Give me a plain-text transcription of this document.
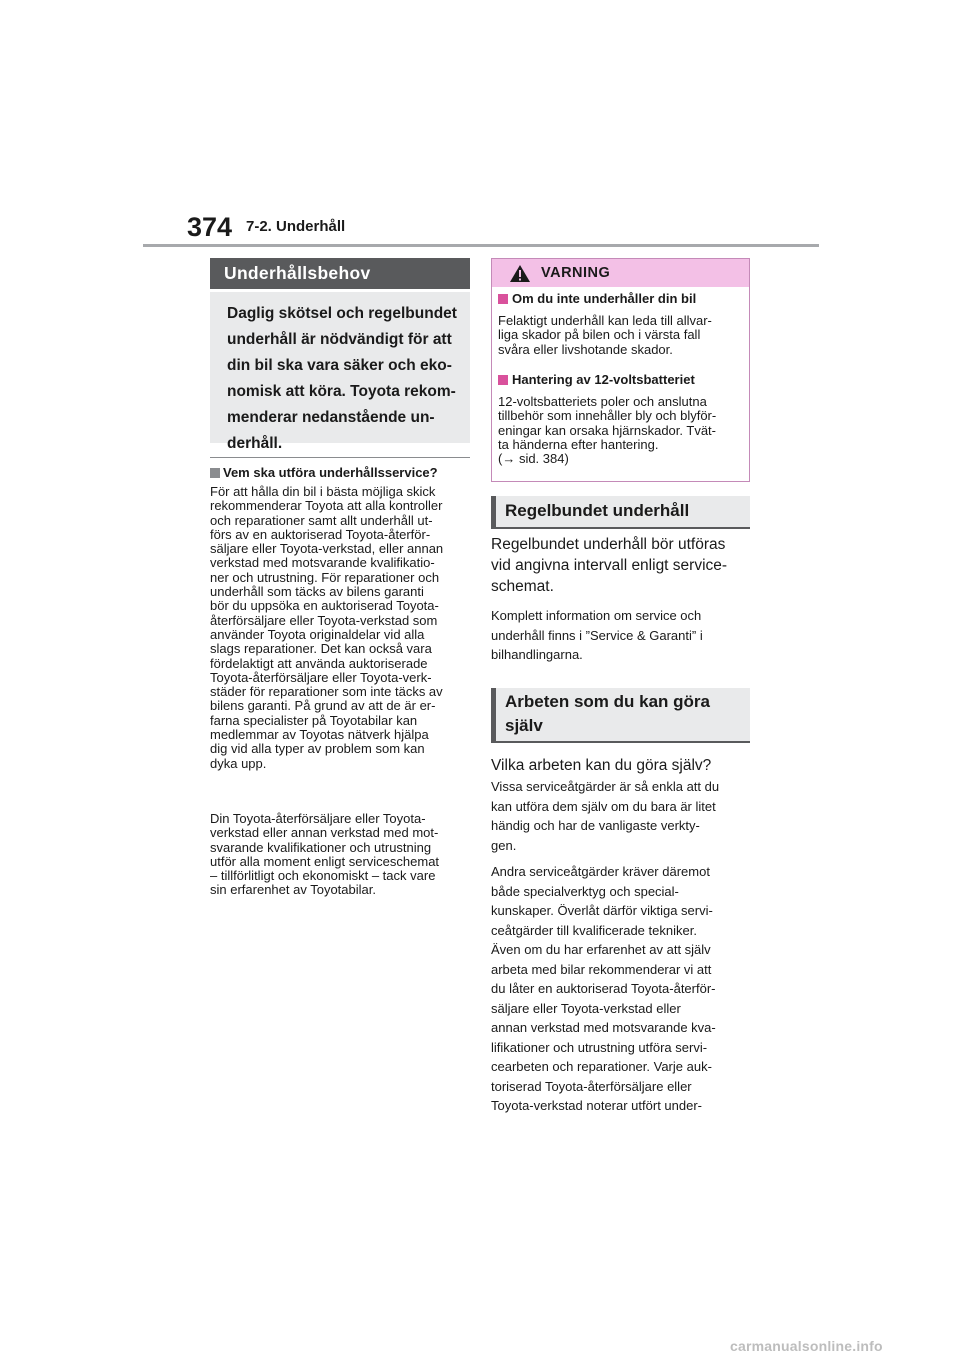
374 7-2. Underhåll
Underhållsbehov
Daglig skötsel och regelbundet
underhåll är nödvändigt för att
din bil ska vara säker och eko-
nomisk att köra. Toyota rekom-
menderar nedanstående un-
derhåll.
Vem ska utföra underhållsservice?
För att hålla din bil i bästa möjliga skick
rekommenderar Toyota att alla kontroller
och reparationer samt allt underhåll ut-
förs av en auktoriserad Toyota-återför-
säljare eller Toyota-verkstad, eller annan
verkstad med motsvarande kvalifikatio-
ner och utrustning. För reparationer och
underhåll som täcks av bilens garanti
bör du uppsöka en auktoriserad Toyota-
återförsäljare eller Toyota-verkstad som
använder Toyota originaldelar vid alla
slags reparationer. Det kan också vara
fördelaktigt att använda auktoriserade
Toyota-återförsäljare eller Toyota-verk-
städer för reparationer som inte täcks av
bilens garanti. På grund av att de är er-
farna specialister på Toyotabilar kan
medlemmar av Toyotas nätverk hjälpa
dig vid alla typer av problem som kan
dyka upp.
Din Toyota-återförsäljare eller Toyota-
verkstad eller annan verkstad med mot-
svarande kvalifikationer och utrustning
utför alla moment enligt serviceschemat
– tillförlitligt och ekonomiskt – tack vare
sin erfarenhet av Toyotabilar.
VARNING
Om du inte underhåller din bil
Felaktigt underhåll kan leda till allvar-
liga skador på bilen och i värsta fall
svåra eller livshotande skador.
Hantering av 12-voltsbatteriet
12-voltsbatteriets poler och anslutna
tillbehör som innehåller bly och blyför-
eningar kan orsaka hjärnskador. Tvät-
ta händerna efter hantering.
(→ sid. 384)
Regelbundet underhåll
Regelbundet underhåll bör utföras
vid angivna intervall enligt service-
schemat.
Komplett information om service och
underhåll finns i ”Service & Garanti” i
bilhandlingarna.
Arbeten som du kan göra
själv
Vilka arbeten kan du göra själv?
Vissa serviceåtgärder är så enkla att du
kan utföra dem själv om du bara är litet
händig och har de vanligaste verkty-
gen.
Andra serviceåtgärder kräver däremot
både specialverktyg och special-
kunskaper. Överlåt därför viktiga servi-
ceåtgärder till kvalificerade tekniker.
Även om du har erfarenhet av att själv
arbeta med bilar rekommenderar vi att
du låter en auktoriserad Toyota-återför-
säljare eller Toyota-verkstad eller
annan verkstad med motsvarande kva-
lifikationer och utrustning utföra servi-
cearbeten och reparationer. Varje auk-
toriserad Toyota-återförsäljare eller
Toyota-verkstad noterar utfört under-
carmanualsonline.info
